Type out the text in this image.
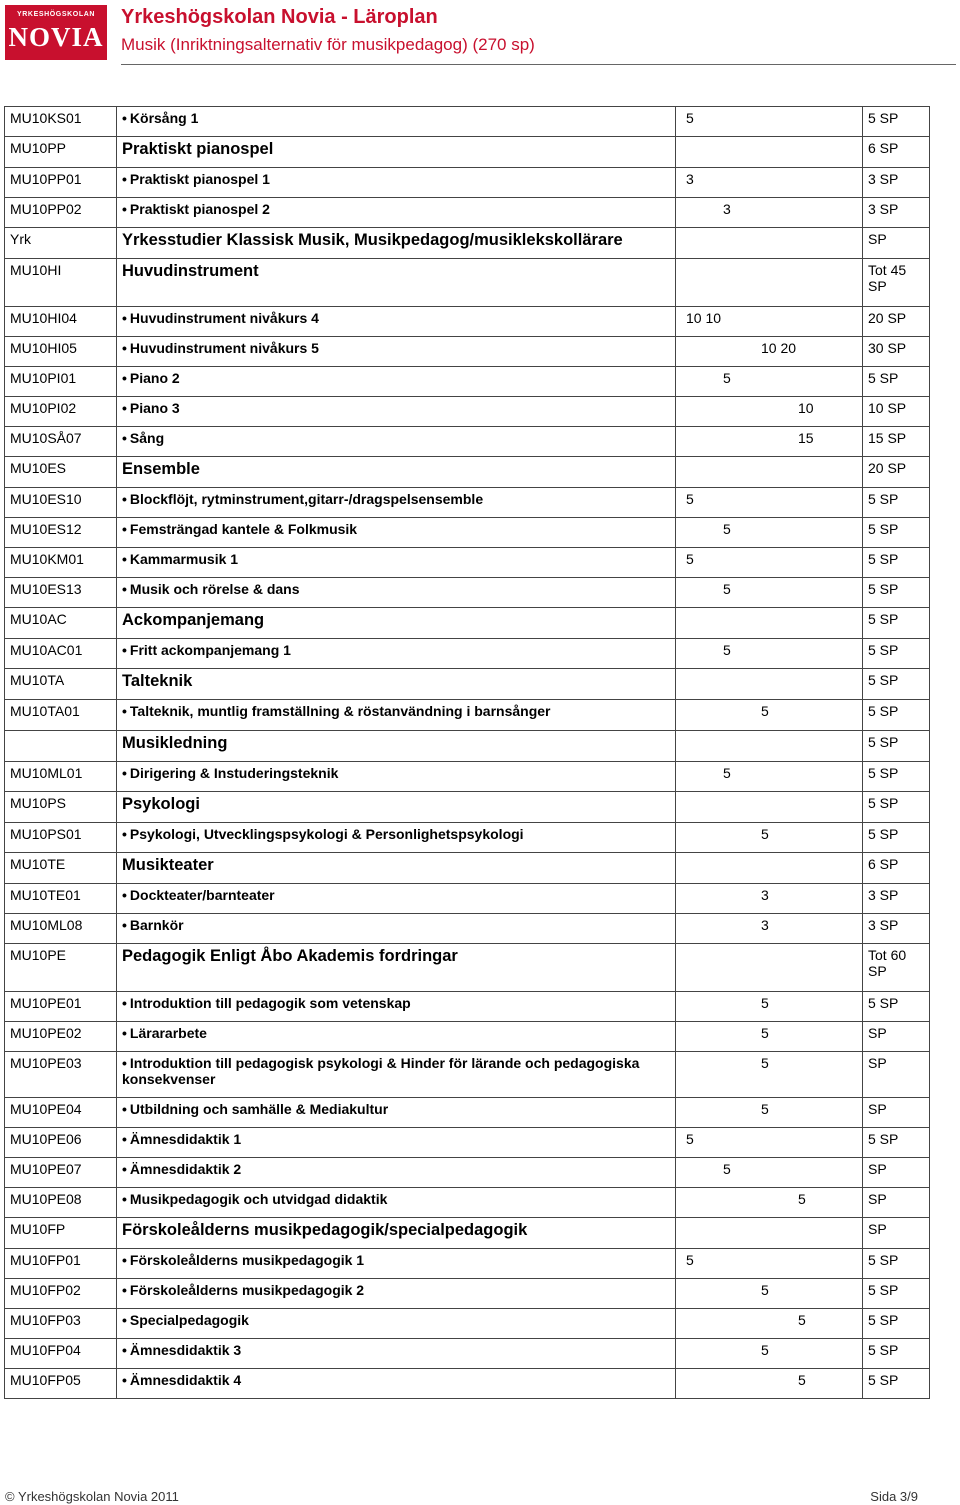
YRKESHÖGSKOLAN
NOVIA
Yrkeshögskolan Novia - Läroplan
Musik (Inriktningsalternativ för musikpedagog) (270 sp)
MU10KS01	• Körsång 1	5	5 SP
MU10PP	Praktiskt pianospel		6 SP
MU10PP01	• Praktiskt pianospel 1	3	3 SP
MU10PP02	• Praktiskt pianospel 2	3	3 SP
Yrk	Yrkesstudier Klassisk Musik, Musikpedagog/musiklekskollärare		SP
MU10HI	Huvudinstrument		Tot 45 SP
MU10HI04	• Huvudinstrument nivåkurs 4	10 10	20 SP
MU10HI05	• Huvudinstrument nivåkurs 5	10 20	30 SP
MU10PI01	• Piano 2	5	5 SP
MU10PI02	• Piano 3	10	10 SP
MU10SÅ07	• Sång	15	15 SP
MU10ES	Ensemble		20 SP
MU10ES10	• Blockflöjt, rytminstrument,gitarr-/dragspelsensemble	5	5 SP
MU10ES12	• Femsträngad kantele & Folkmusik	5	5 SP
MU10KM01	• Kammarmusik 1	5	5 SP
MU10ES13	• Musik och rörelse & dans	5	5 SP
MU10AC	Ackompanjemang		5 SP
MU10AC01	• Fritt ackompanjemang 1	5	5 SP
MU10TA	Talteknik		5 SP
MU10TA01	• Talteknik, muntlig framställning & röstanvändning i barnsånger	5	5 SP
	Musikledning		5 SP
MU10ML01	• Dirigering & Instuderingsteknik	5	5 SP
MU10PS	Psykologi		5 SP
MU10PS01	• Psykologi, Utvecklingspsykologi & Personlighetspsykologi	5	5 SP
MU10TE	Musikteater		6 SP
MU10TE01	• Dockteater/barnteater	3	3 SP
MU10ML08	• Barnkör	3	3 SP
MU10PE	Pedagogik Enligt Åbo Akademis fordringar		Tot 60 SP
MU10PE01	• Introduktion till pedagogik som vetenskap	5	5 SP
MU10PE02	• Lärararbete	5	SP
MU10PE03	• Introduktion till pedagogisk psykologi & Hinder för lärande och pedagogiska konsekvenser	5	SP
MU10PE04	• Utbildning och samhälle & Mediakultur	5	SP
MU10PE06	• Ämnesdidaktik 1	5	5 SP
MU10PE07	• Ämnesdidaktik 2	5	SP
MU10PE08	• Musikpedagogik och utvidgad didaktik	5	SP
MU10FP	Förskoleålderns musikpedagogik/specialpedagogik		SP
MU10FP01	• Förskoleålderns musikpedagogik 1	5	5 SP
MU10FP02	• Förskoleålderns musikpedagogik 2	5	5 SP
MU10FP03	• Specialpedagogik	5	5 SP
MU10FP04	• Ämnesdidaktik 3	5	5 SP
MU10FP05	• Ämnesdidaktik 4	5	5 SP
© Yrkeshögskolan Novia 2011	Sida 3/9
